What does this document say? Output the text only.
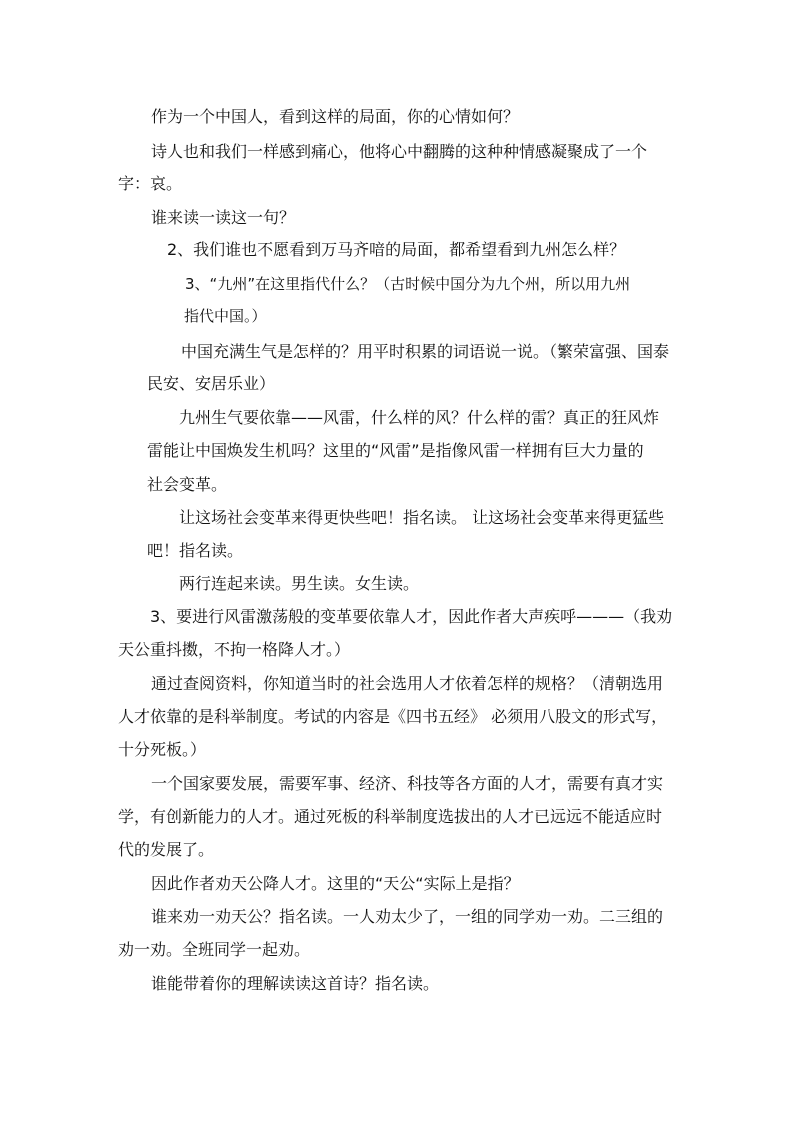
作为一个中国人，看到这样的局面，你的心情如何？
诗人也和我们一样感到痛心，他将心中翻腾的这种种情感凝聚成了一个
字：哀。
谁来读一读这一句？
2、我们谁也不愿看到万马齐喑的局面，都希望看到九州怎么样？
3、“九州”在这里指代什么？（古时候中国分为九个州，所以用九州
指代中国。）
中国充满生气是怎样的？用平时积累的词语说一说。（繁荣富强、国泰
民安、安居乐业）
九州生气要依靠——风雷，什么样的风？什么样的雷？真正的狂风炸
雷能让中国焕发生机吗？这里的“风雷”是指像风雷一样拥有巨大力量的
社会变革。
让这场社会变革来得更快些吧！指名读。 让这场社会变革来得更猛些
吧！指名读。
两行连起来读。男生读。女生读。
3、要进行风雷激荡般的变革要依靠人才，因此作者大声疾呼———（我劝
天公重抖擞，不拘一格降人才。）
通过查阅资料，你知道当时的社会选用人才依着怎样的规格？（清朝选用
人才依靠的是科举制度。考试的内容是《四书五经》 必须用八股文的形式写，
十分死板。）
一个国家要发展，需要军事、经济、科技等各方面的人才，需要有真才实
学，有创新能力的人才。通过死板的科举制度选拔出的人才已远远不能适应时
代的发展了。
因此作者劝天公降人才。这里的“天公“实际上是指？
谁来劝一劝天公？指名读。一人劝太少了，一组的同学劝一劝。二三组的
劝一劝。全班同学一起劝。
谁能带着你的理解读读这首诗？指名读。
